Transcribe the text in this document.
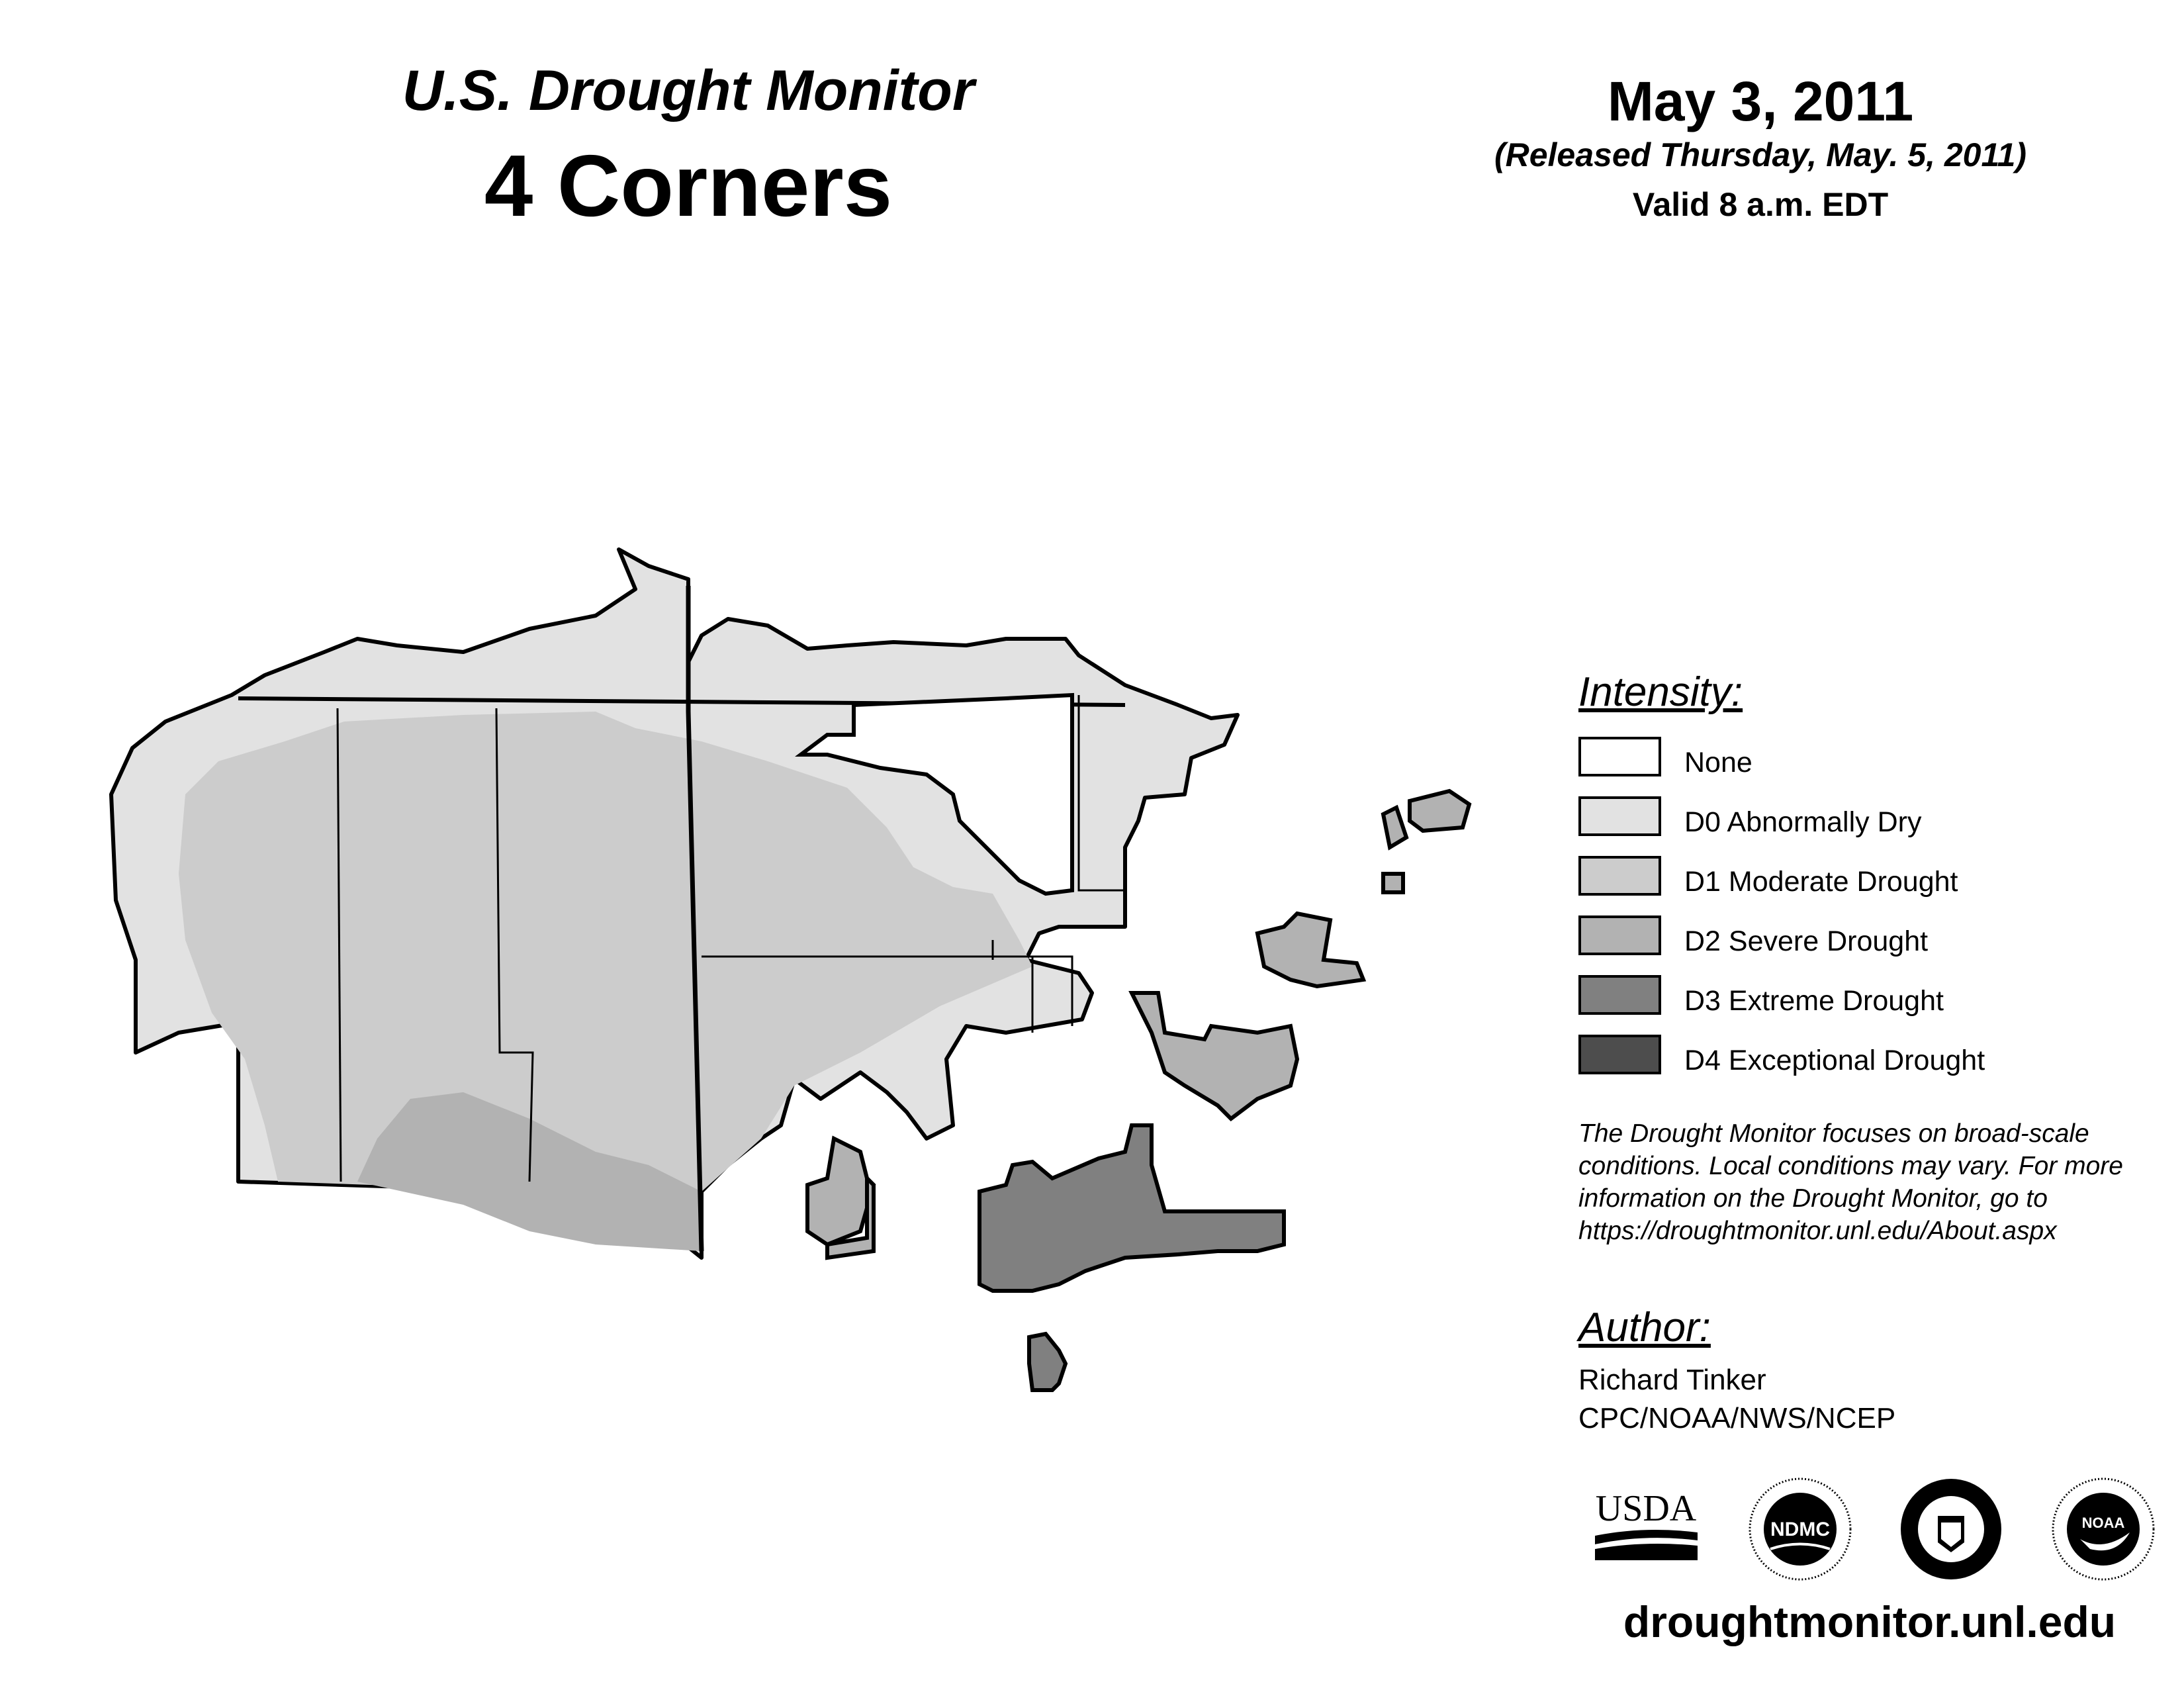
U.S. Drought Monitor
4 Corners
May 3, 2011
(Released Thursday, May. 5, 2011)
Valid 8 a.m. EDT
Intensity:
None
D0 Abnormally Dry
D1 Moderate Drought
D2 Severe Drought
D3 Extreme Drought
D4 Exceptional Drought
The Drought Monitor focuses on broad-scale conditions. Local conditions may vary. For more information on the Drought Monitor, go to https://droughtmonitor.unl.edu/About.aspx
Author:
Richard Tinker
CPC/NOAA/NWS/NCEP
USDA
NDMC	NOAA
droughtmonitor.unl.edu
